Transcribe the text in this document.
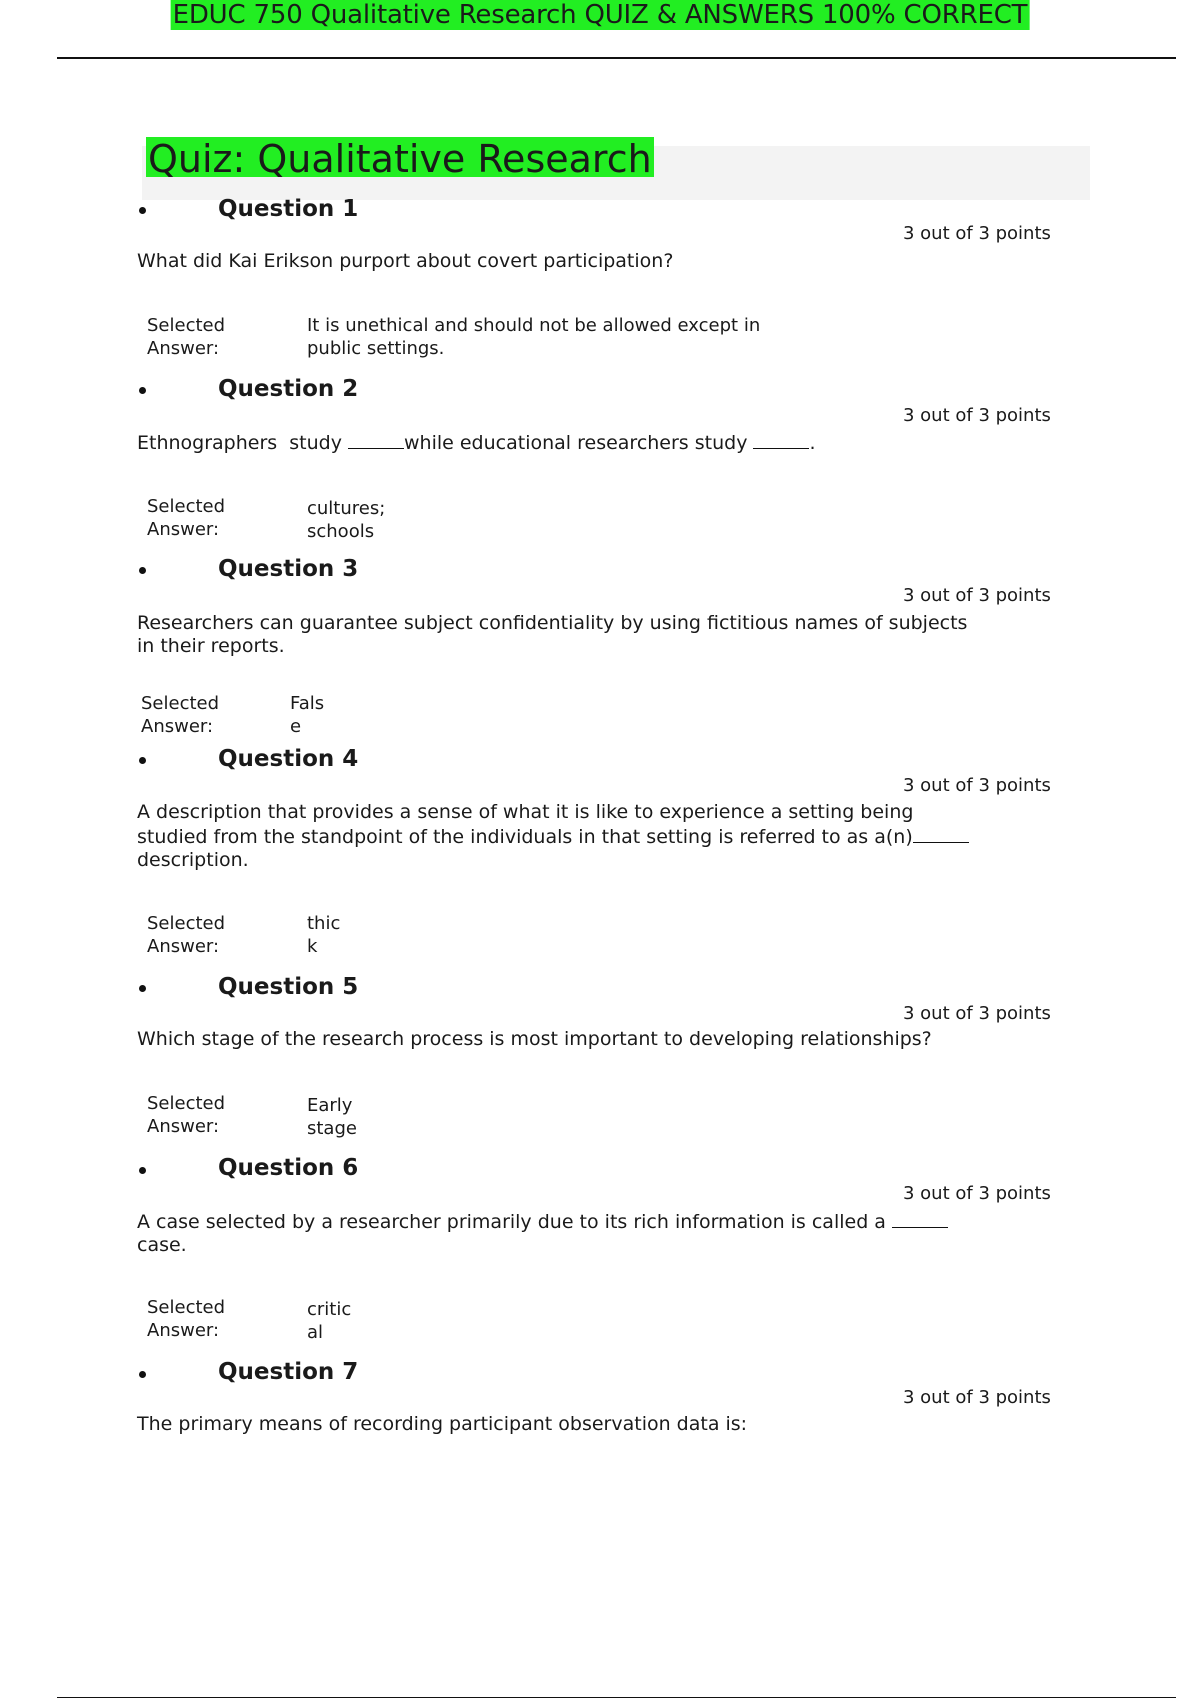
EDUC 750 Qualitative Research QUIZ & ANSWERS 100% CORRECT
Quiz: Qualitative Research
Question 1
3 out of 3 points
What did Kai Erikson purport about covert participation?
Selected
Answer:
It is unethical and should not be allowed except in
public settings.
Question 2
3 out of 3 points
Ethnographers  study	while educational researchers study	.
Selected
Answer:
cultures;
schools
Question 3
3 out of 3 points
Researchers can guarantee subject confidentiality by using fictitious names of subjects
in their reports.
Selected
Answer:
Fals
e
Question 4
3 out of 3 points
A description that provides a sense of what it is like to experience a setting being
studied from the standpoint of the individuals in that setting is referred to as a(n)
description.
Selected
Answer:
thic
k
Question 5
3 out of 3 points
Which stage of the research process is most important to developing relationships?
Selected
Answer:
Early
stage
Question 6
3 out of 3 points
A case selected by a researcher primarily due to its rich information is called a
case.
Selected
Answer:
critic
al
Question 7
3 out of 3 points
The primary means of recording participant observation data is:
